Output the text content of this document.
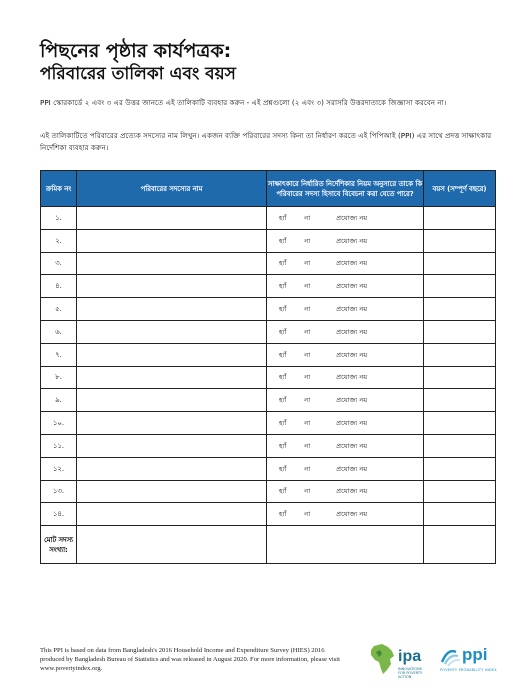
পিছনের পৃষ্ঠার কার্যপত্রক:
পরিবারের তালিকা এবং বয়স
PPI স্কোরকার্ডে ২ এবং ৩ এর উত্তর জানতে এই তালিকাটি ব্যবহার করুন - এই প্রশ্নগুলো (২ এবং ৩) সরাসরি উত্তরদাতাকে জিজ্ঞাসা করবেন না।
এই তালিকাটিতে পরিবারের প্রত্যেক সদস্যের নাম লিখুন। একজন ব্যক্তি পরিবারের সদস্য কিনা তা নির্ধারণ করতে এই পিপিআই (PPI) এর সাথে প্রদত্ত সাক্ষাৎকার নির্দেশিকা ব্যবহার করুন।
ক্রমিক নং	পরিবারের সদস্যের নাম	সাক্ষাৎকারে নির্ধারিত নির্দেশিকার নিয়ম অনুসারে তাকে কি পরিবারের সদস্য হিসাবে বিবেচনা করা যেতে পারে?	বয়স (সম্পূর্ণ বছরে)
১.		হ্যাঁ না প্রযোজ্য নয়	
২.		হ্যাঁ না প্রযোজ্য নয়	
৩.		হ্যাঁ না প্রযোজ্য নয়	
৪.		হ্যাঁ না প্রযোজ্য নয়	
৫.		হ্যাঁ না প্রযোজ্য নয়	
৬.		হ্যাঁ না প্রযোজ্য নয়	
৭.		হ্যাঁ না প্রযোজ্য নয়	
৮.		হ্যাঁ না প্রযোজ্য নয়	
৯.		হ্যাঁ না প্রযোজ্য নয়	
১০.		হ্যাঁ না প্রযোজ্য নয়	
১১.		হ্যাঁ না প্রযোজ্য নয়	
১২.		হ্যাঁ না প্রযোজ্য নয়	
১৩.		হ্যাঁ না প্রযোজ্য নয়	
১৪.		হ্যাঁ না প্রযোজ্য নয়	
মোট সদস্য সংখ্যা:			
This PPI is based on data from Bangladesh's 2016 Household Income and Expenditure Survey (HIES) 2016 produced by Bangladesh Bureau of Statistics and was released in August 2020. For more information, please visit www.povertyindex.org.
ipa
INNOVATIONS FOR POVERTY ACTION
ppi
POVERTY PROBABILITY INDEX
